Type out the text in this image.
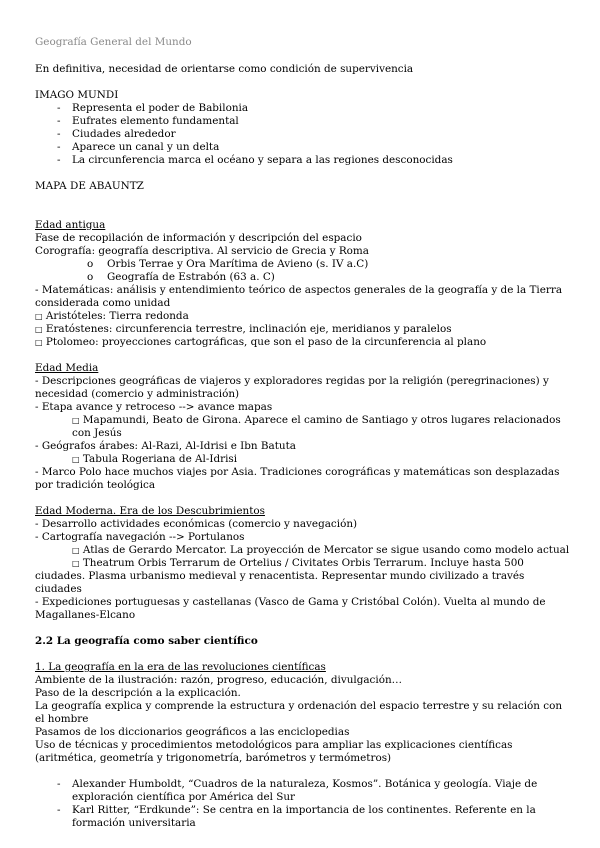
Geografía General del Mundo

En definitiva, necesidad de orientarse como condición de supervivencia

IMAGO MUNDI

- Representa el poder de Babilonia
- Eufrates elemento fundamental
- Ciudades alrededor
- Aparece un canal y un delta
- La circunferencia marca el océano y separa a las regiones desconocidas

MAPA DE ABAUNTZ

Edad antigua

Fase de recopilación de información y descripción del espacio

Corografía: geografía descriptiva. Al servicio de Grecia y Roma

o Orbis Terrae y Ora Marítima de Avieno (s. IV a.C)
o Geografía de Estrabón (63 a. C)

- Matemáticas: análisis y entendimiento teórico de aspectos generales de la geografía y de la Tierra considerada como unidad

□ Aristóteles: Tierra redonda
□ Eratóstenes: circunferencia terrestre, inclinación eje, meridianos y paralelos
□ Ptolomeo: proyecciones cartográficas, que son el paso de la circunferencia al plano

Edad Media

- Descripciones geográficas de viajeros y exploradores regidas por la religión (peregrinaciones) y necesidad (comercio y administración)

- Etapa avance y retroceso --> avance mapas

□ Mapamundi, Beato de Girona. Aparece el camino de Santiago y otros lugares relacionados con Jesús

- Geógrafos árabes: Al-Razi, Al-Idrisi e Ibn Batuta

□ Tabula Rogeriana de Al-Idrisi

- Marco Polo hace muchos viajes por Asia. Tradiciones corográficas y matemáticas son desplazadas por tradición teológica

Edad Moderna. Era de los Descubrimientos

- Desarrollo actividades económicas (comercio y navegación)

- Cartografía navegación --> Portulanos

□ Atlas de Gerardo Mercator. La proyección de Mercator se sigue usando como modelo actual
□ Theatrum Orbis Terrarum de Ortelius / Civitates Orbis Terrarum. Incluye hasta 500 ciudades. Plasma urbanismo medieval y renacentista. Representar mundo civilizado a través ciudades

- Expediciones portuguesas y castellanas (Vasco de Gama y Cristóbal Colón). Vuelta al mundo de Magallanes-Elcano

2.2 La geografía como saber científico

1. La geografía en la era de las revoluciones científicas

Ambiente de la ilustración: razón, progreso, educación, divulgación…

Paso de la descripción a la explicación.

La geografía explica y comprende la estructura y ordenación del espacio terrestre y su relación con el hombre

Pasamos de los diccionarios geográficos a las enciclopedias

Uso de técnicas y procedimientos metodológicos para ampliar las explicaciones científicas (aritmética, geometría y trigonometría, barómetros y termómetros)

- Alexander Humboldt, “Cuadros de la naturaleza, Kosmos”. Botánica y geología. Viaje de exploración científica por América del Sur
- Karl Ritter, “Erdkunde”: Se centra en la importancia de los continentes. Referente en la formación universitaria
